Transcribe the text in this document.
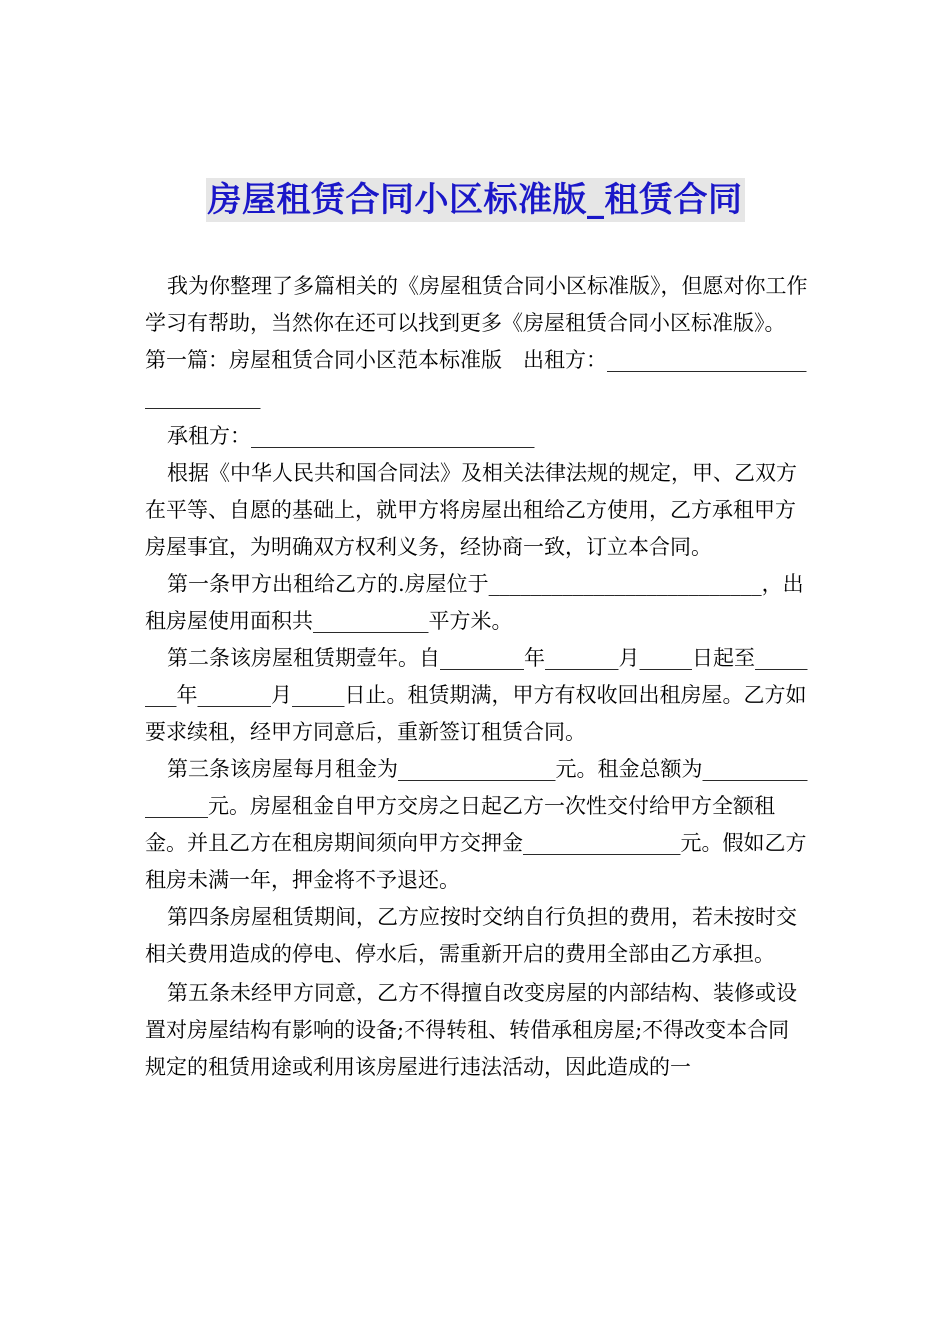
房屋租赁合同小区标准版_租赁合同

我为你整理了多篇相关的《房屋租赁合同小区标准版》，但愿对你工作学习有帮助，当然你在还可以找到更多《房屋租赁合同小区标准版》。

第一篇：房屋租赁合同小区范本标准版　出租方：______________________________

承租方：___________________________

根据《中华人民共和国合同法》及相关法律法规的规定，甲、乙双方在平等、自愿的基础上，就甲方将房屋出租给乙方使用，乙方承租甲方房屋事宜，为明确双方权利义务，经协商一致，订立本合同。

第一条甲方出租给乙方的.房屋位于__________________________，出租房屋使用面积共___________平方米。

第二条该房屋租赁期壹年。自________年_______月_____日起至________年_______月_____日止。租赁期满，甲方有权收回出租房屋。乙方如要求续租，经甲方同意后，重新签订租赁合同。

第三条该房屋每月租金为_______________元。租金总额为________________元。房屋租金自甲方交房之日起乙方一次性交付给甲方全额租金。并且乙方在租房期间须向甲方交押金_______________元。假如乙方租房未满一年，押金将不予退还。

第四条房屋租赁期间，乙方应按时交纳自行负担的费用，若未按时交相关费用造成的停电、停水后，需重新开启的费用全部由乙方承担。

第五条未经甲方同意，乙方不得擅自改变房屋的内部结构、装修或设置对房屋结构有影响的设备;不得转租、转借承租房屋;不得改变本合同规定的租赁用途或利用该房屋进行违法活动，因此造成的一
